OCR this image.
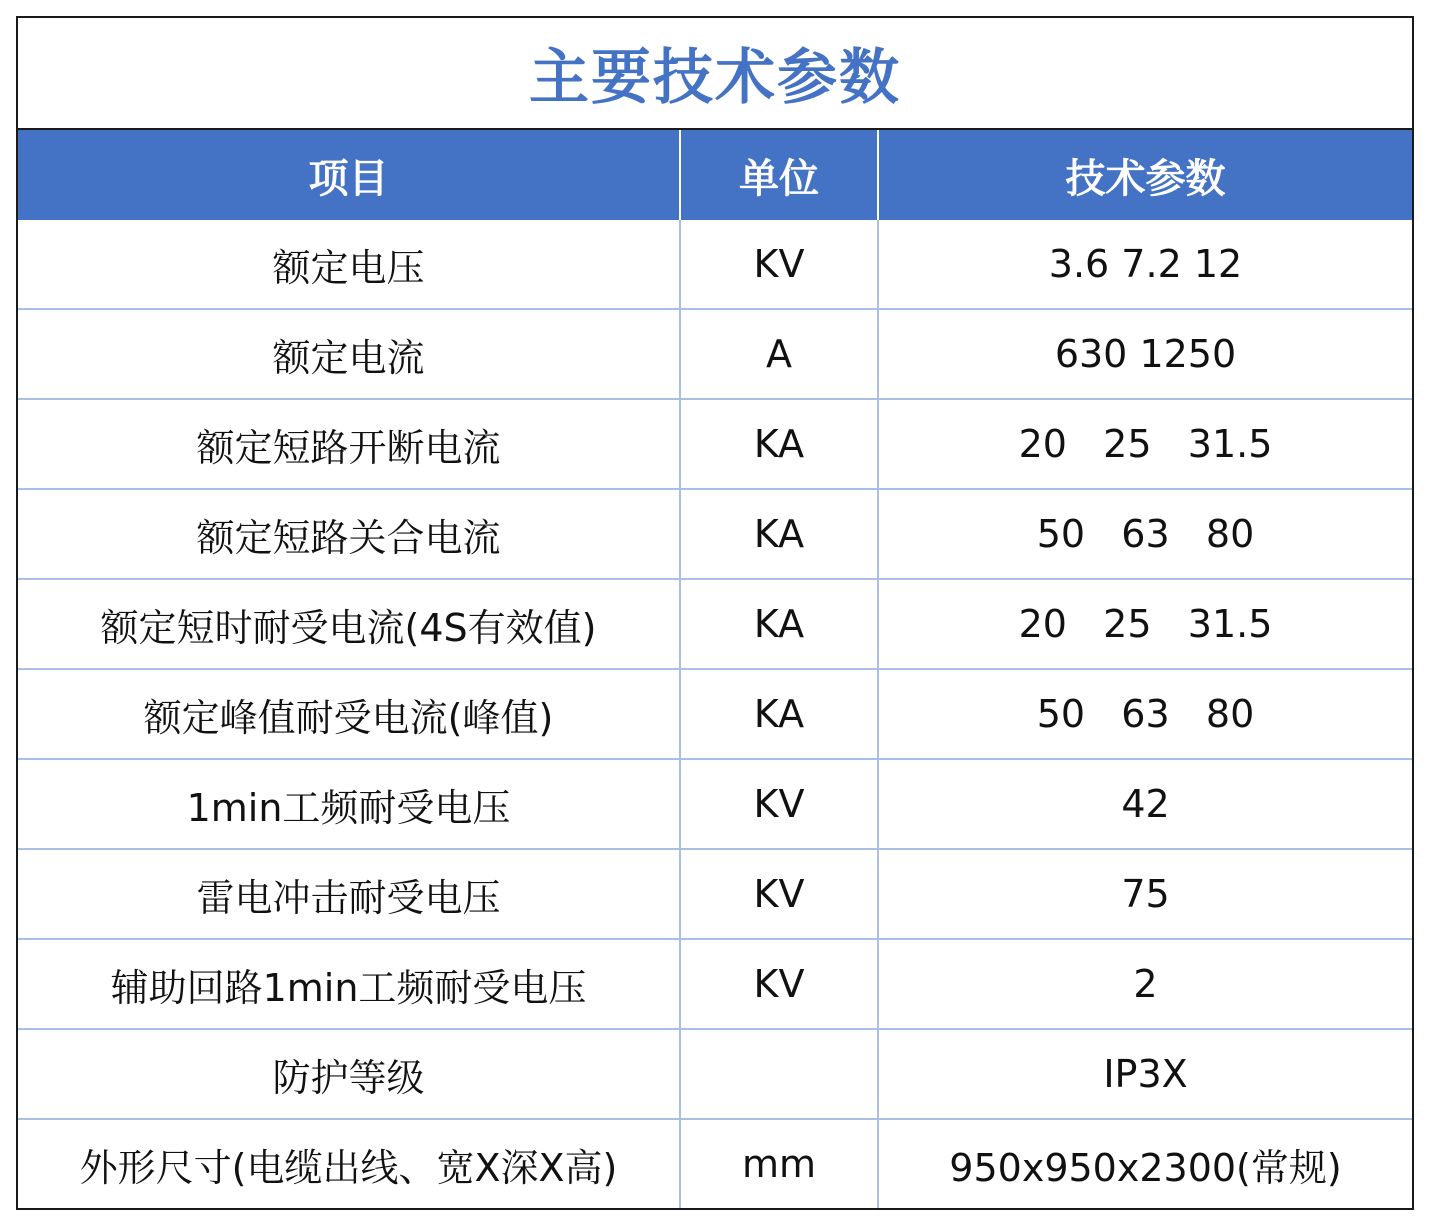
主要技术参数
项目	单位	技术参数
额定电压	KV	3.6 7.2 12
额定电流	A	630 1250
额定短路开断电流	KA	20   25   31.5
额定短路关合电流	KA	50   63   80
额定短时耐受电流(4S有效值)	KA	20   25   31.5
额定峰值耐受电流(峰值)	KA	50   63   80
1min工频耐受电压	KV	42
雷电冲击耐受电压	KV	75
辅助回路1min工频耐受电压	KV	2
防护等级		IP3X
外形尺寸(电缆出线、宽X深X高)	mm	950x950x2300(常规)
